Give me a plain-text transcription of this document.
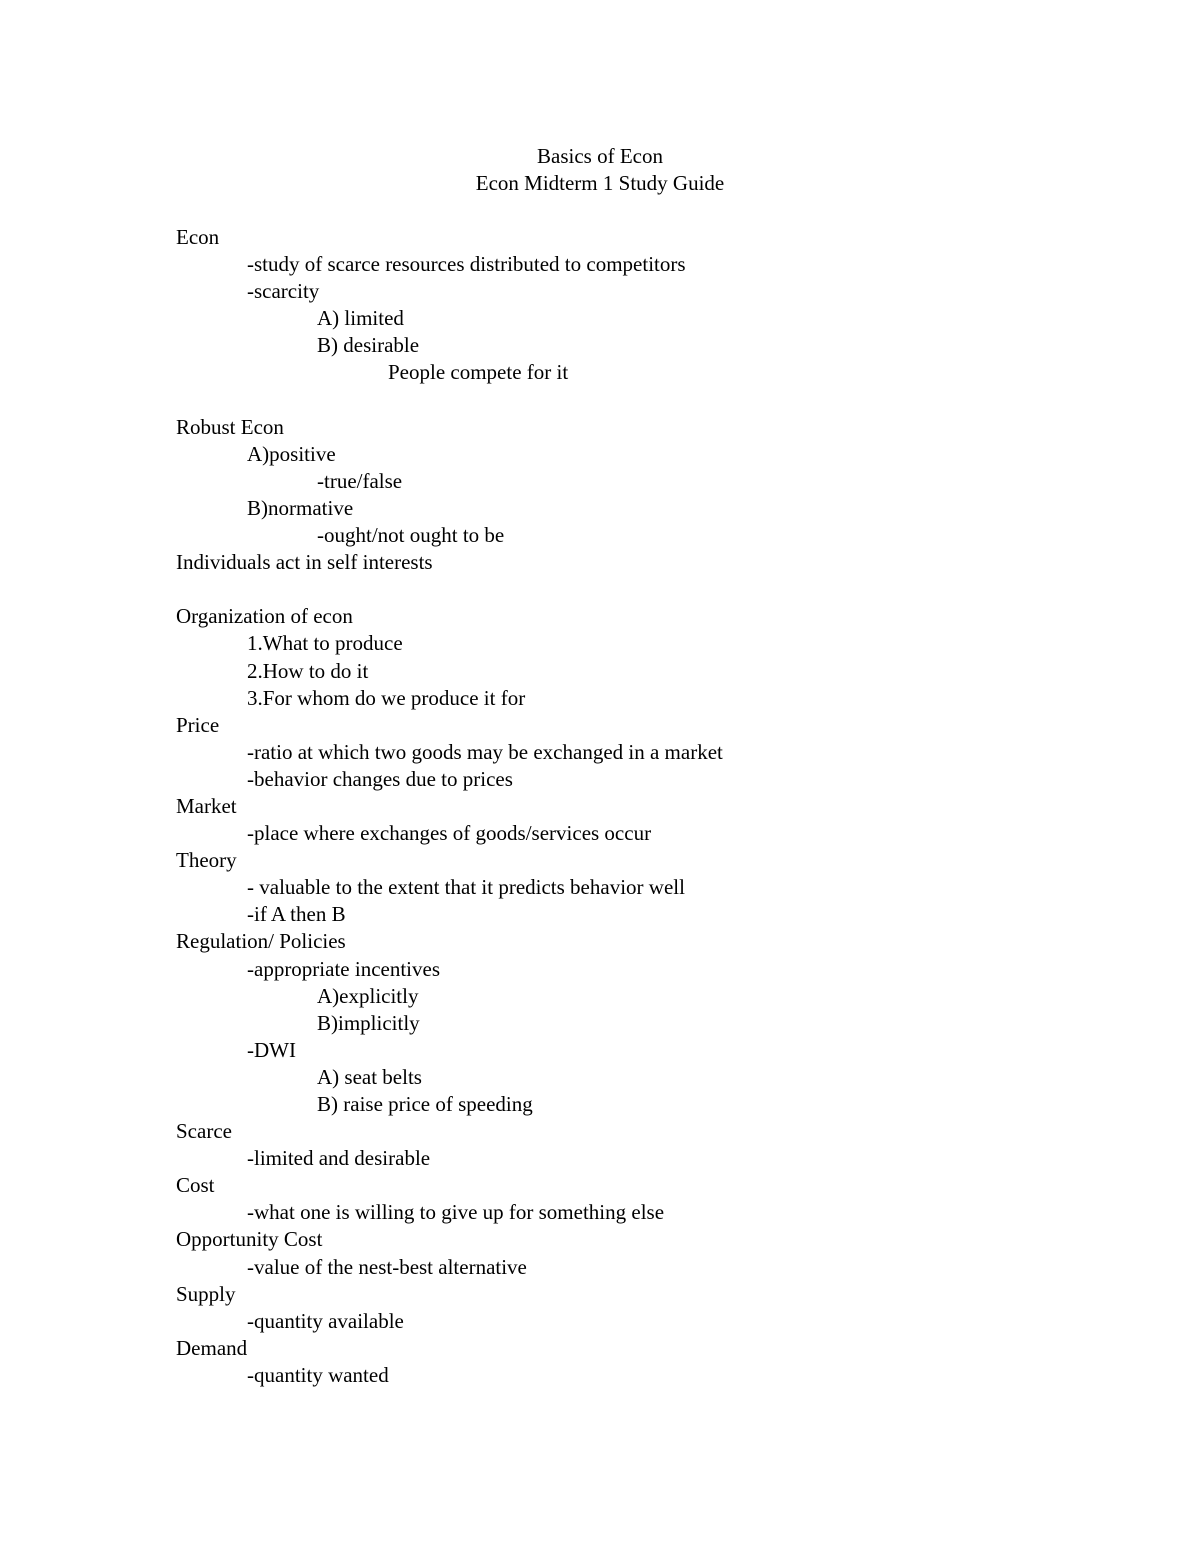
Basics of Econ
Econ Midterm 1 Study Guide
Econ
-study of scarce resources distributed to competitors
-scarcity
A) limited
B) desirable
People compete for it
Robust Econ
A)positive
-true/false
B)normative
-ought/not ought to be
Individuals act in self interests
Organization of econ
1.What to produce
2.How to do it
3.For whom do we produce it for
Price
-ratio at which two goods may be exchanged in a market
-behavior changes due to prices
Market
-place where exchanges of goods/services occur
Theory
- valuable to the extent that it predicts behavior well
-if A then B
Regulation/ Policies
-appropriate incentives
A)explicitly
B)implicitly
-DWI
A) seat belts
B) raise price of speeding
Scarce
-limited and desirable
Cost
-what one is willing to give up for something else
Opportunity Cost
-value of the nest-best alternative
Supply
-quantity available
Demand
-quantity wanted
